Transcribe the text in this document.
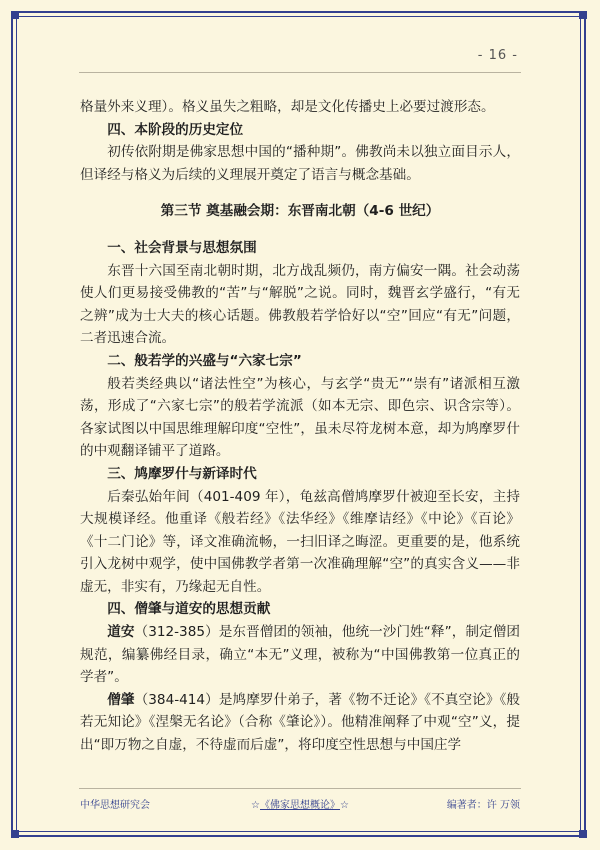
- 16 -

格量外来义理）。格义虽失之粗略，却是文化传播史上必要过渡形态。

四、本阶段的历史定位

初传依附期是佛家思想中国的“播种期”。佛教尚未以独立面目示人，但译经与格义为后续的义理展开奠定了语言与概念基础。

第三节 奠基融会期：东晋南北朝（4-6 世纪）

一、社会背景与思想氛围

东晋十六国至南北朝时期，北方战乱频仍，南方偏安一隅。社会动荡使人们更易接受佛教的“苦”与“解脱”之说。同时，魏晋玄学盛行，“有无之辨”成为士大夫的核心话题。佛教般若学恰好以“空”回应“有无”问题，二者迅速合流。

二、般若学的兴盛与“六家七宗”

般若类经典以“诸法性空”为核心，与玄学“贵无”“崇有”诸派相互激荡，形成了“六家七宗”的般若学流派（如本无宗、即色宗、识含宗等）。各家试图以中国思维理解印度“空性”，虽未尽符龙树本意，却为鸠摩罗什的中观翻译铺平了道路。

三、鸠摩罗什与新译时代

后秦弘始年间（401-409 年），龟兹高僧鸠摩罗什被迎至长安，主持大规模译经。他重译《般若经》《法华经》《维摩诘经》《中论》《百论》《十二门论》等，译文准确流畅，一扫旧译之晦涩。更重要的是，他系统引入龙树中观学，使中国佛教学者第一次准确理解“空”的真实含义——非虚无，非实有，乃缘起无自性。

四、僧肇与道安的思想贡献

道安（312-385）是东晋僧团的领袖，他统一沙门姓“释”，制定僧团规范，编纂佛经目录，确立“本无”义理，被称为“中国佛教第一位真正的学者”。

僧肇（384-414）是鸠摩罗什弟子，著《物不迁论》《不真空论》《般若无知论》《涅槃无名论》（合称《肇论》）。他精准阐释了中观“空”义，提出“即万物之自虚，不待虚而后虚”，将印度空性思想与中国庄学

中华思想研究会	☆《佛家思想概论》☆	编著者：许 万领
